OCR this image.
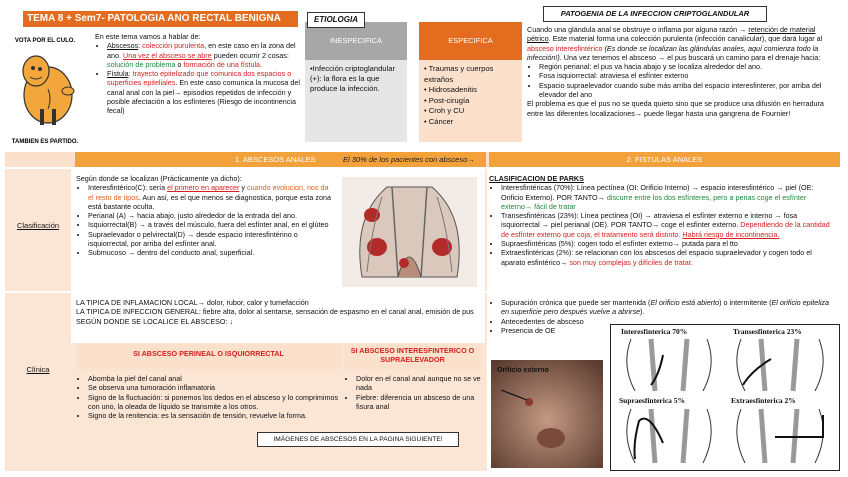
TEMA 8 + Sem7- PATOLOGIA ANO RECTAL BENIGNA
VOTA POR EL CULO.
TAMBIEN ES PARTIDO.
En este tema vamos a hablar de:
• Abscesos: colección purulenta, en este caso en la zona del ano. Una vez el absceso se abre pueden ocurrir 2 cosas: solución de problema o formación de una fístula.
• Fístula: trayecto epitelizado que comunica dos espacios o superficies epiteliales. En este caso comunica la mucosa del canal anal con la piel→ episodios repetidos de infección y posible afectación a los esfínteres (Riesgo de incontinencia fecal)
INESPECIFICA	ESPECIFICA
ETIOLOGIA
•Infección criptoglandular (+): la flora es la que produce la infección.
• Traumas y cuerpos extraños
• Hidrosadenitis
• Post-cirugía
• Croh y CU
• Cáncer
PATOGENIA DE LA INFECCION CRIPTOGLANDULAR
Cuando una glándula anal se obstruye o inflama por alguna razón → retención de material pétrico. Este material forma una colección purulenta (infección canalicular), que dará lugar al absceso interesfintérico (Es donde se localizan las glándulas anales, aquí comienza todo la infección!). Una vez tenemos el absceso → el pus buscará un camino para el drenaje hacia:
• Región perianal: el pus va hacia abajo y se localiza alrededor del ano.
• Fosa isquiorrectal: atraviesa el esfínter externo
• Espacio supraelevador cuando sube más arriba del espacio interesfinterer, por arriba del elevador del ano
El problema es que el pus no se queda quieto sino que se produce una difusión en herradura entre las diferentes localizaciones→ puede llegar hasta una gangrena de Fournier!
1. ABSCESOS ANALES	El 30% de los pacientes con absceso→	2. FISTULAS ANALES
Clasificación
Clínica
Según donde se localizan (Prácticamente ya dicho):
• Interesfintérico(C): sería el primero en aparecer y cuando evolucion, nos da el resto de tipos. Aun así, es el que menos se diagnostica, porque esta zona está bastante oculta.
• Perianal (A) → hacia abajo, justo alrededor de la entrada del ano.
• Isquiorrectal(B) → a través del músculo, fuera del esfínter anal, en el glúteo
• Supraelevador o pelvirectal(D) → desde espacio interesfintérino o isquiorrectal, por arriba del esfínter anal.
• Submucoso → dentro del conducto anal, superficial.
CLASIFICACION DE PARKS
• Interesfintéricas (70%): Línea pectínea (OI: Orificio Interno) → espacio interesfintérico → piel (OE: Orificio Externo). POR TANTO→ discurre entre los dos esfínteres, pero a penas coge el esfínter externo→ fácil de tratar
• Transesfintéricas (23%): Línea pectínea (OI) → atraviesa el esfínter externo e interno → fosa isquiorrectal → piel perianal (OE). POR TANTO→ coge el esfínter externo. Dependiendo de la cantidad de esfínter externo que coja, el tratamiento será distinto. Habrá riesgo de incontinencia.
• Supraesfintéricas (5%): cogen todo el esfínter externo→ putada para el tto
• Extraesfintéricas (2%): se relacionan con los abscesos del espacio supraelevador y cogen todo el aparato esfintérico→ son muy complejas y difíciles de tratar.
LA TIPICA DE INFLAMACION LOCAL→ dolor, rubor, calor y tumefacción
LA TIPICA DE INFECCION GENERAL: fiebre alta, dolor al sentarse, sensación de espasmo en el canal anal, emisión de pus
SEGÚN DONDE SE LOCALICE EL ABSCESO: ↓
SI ABSCESO PERINEAL O ISQUIORRECTAL	SI ABSCESO INTERESFINTERICO O SUPRAELEVADOR
• Abomba la piel del canal anal
• Se observa una tumoración inflamatoria
• Signo de la fluctuación: si ponemos los dedos en el absceso y lo comprimimos con uno, la oleada de líquido se transmite a los otros.
• Signo de la renitencia: es la sensación de tensión, revuelve la forma.
• Dolor en el canal anal aunque no se ve nada
• Fiebre: diferencia un absceso de una fisura anal
IMÁGENES DE ABSCESOS EN LA PAGINA SIGUIENTE!
• Supuración crónica que puede ser mantenida (El orificio está abierto) o intermitente (El orificio epiteliza en superficie pero después vuelve a abrirse).
• Antecedentes de absceso
• Presencia de OE
Orificio externo
Interesfinterica 70%	Transesfinterica 23%
Supraesfinterica 5%	Extraesfinterica 2%
